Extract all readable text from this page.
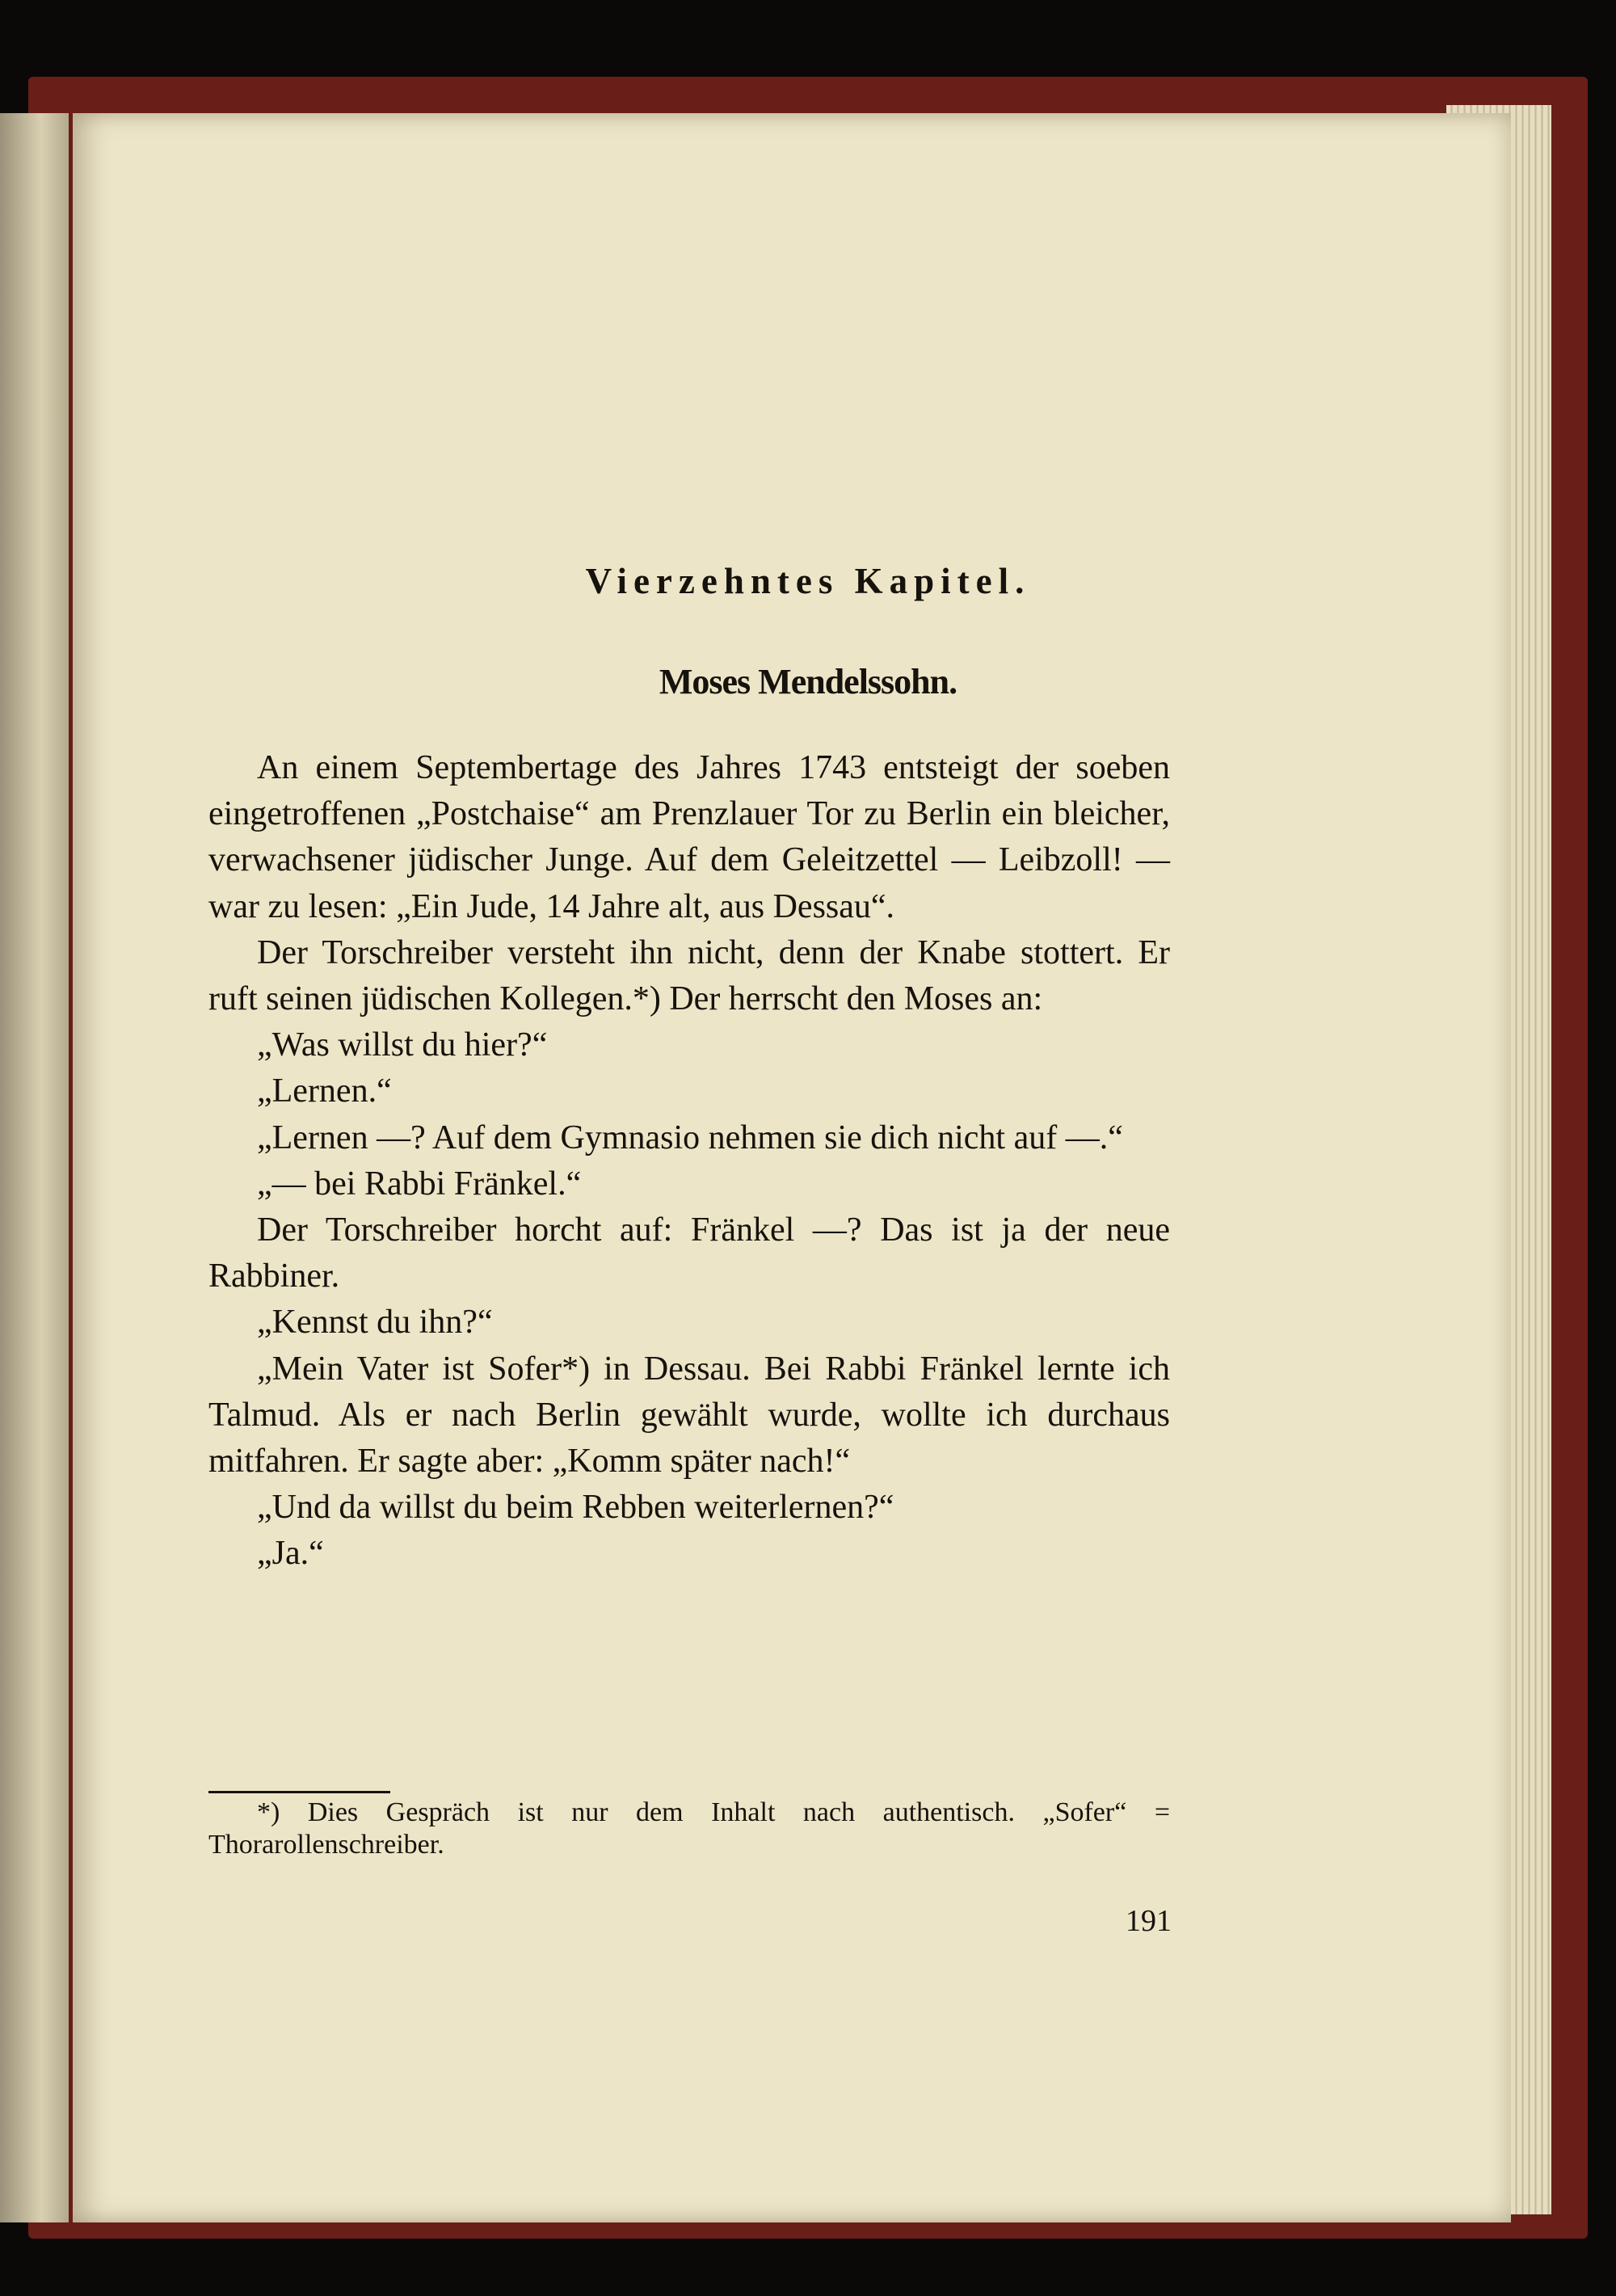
Vierzehntes Kapitel.
Moses Mendelssohn.

An einem Septembertage des Jahres 1743 entsteigt der soeben eingetroffenen „Postchaise“ am Prenzlauer Tor zu Berlin ein bleicher, verwachsener jüdischer Junge. Auf dem Geleitzettel — Leibzoll! — war zu lesen: „Ein Jude, 14 Jahre alt, aus Dessau“.

Der Torschreiber versteht ihn nicht, denn der Knabe stottert. Er ruft seinen jüdischen Kollegen.*) Der herrscht den Moses an:

„Was willst du hier?“

„Lernen.“

„Lernen —? Auf dem Gymnasio nehmen sie dich nicht auf —.“

„— bei Rabbi Fränkel.“

Der Torschreiber horcht auf: Fränkel —? Das ist ja der neue Rabbiner.

„Kennst du ihn?“

„Mein Vater ist Sofer*) in Dessau. Bei Rabbi Fränkel lernte ich Talmud. Als er nach Berlin gewählt wurde, wollte ich durchaus mitfahren. Er sagte aber: „Komm später nach!“

„Und da willst du beim Rebben weiterlernen?“

„Ja.“

*) Dies Gespräch ist nur dem Inhalt nach authentisch. „Sofer“ = Thorarollenschreiber.

191
